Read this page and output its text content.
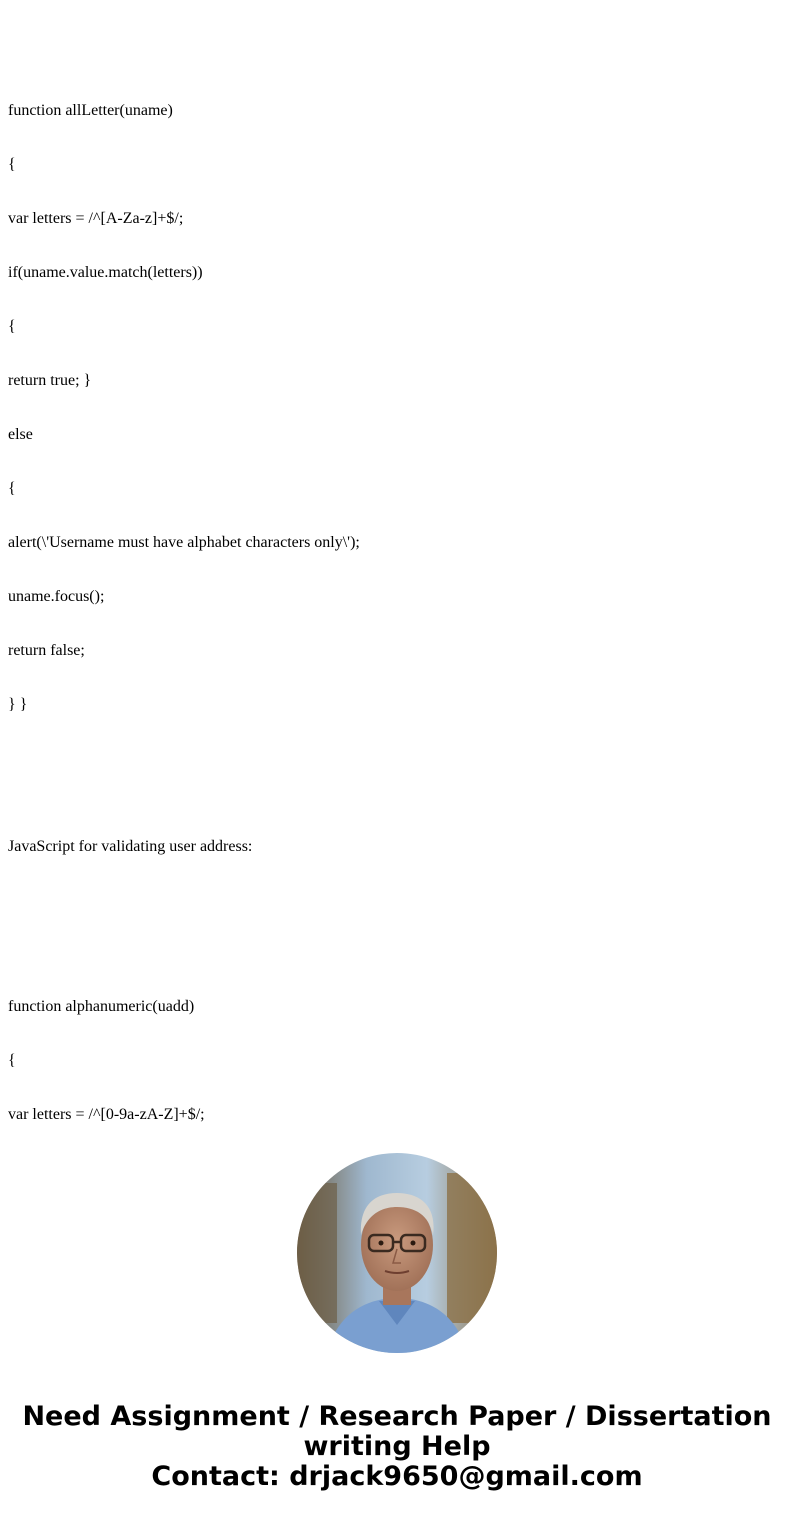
function allLetter(uname)

{

var letters = /^[A-Za-z]+$/;

if(uname.value.match(letters))

{

return true; }

else

{

alert(\'Username must have alphabet characters only\');

uname.focus();

return false;

} }

JavaScript for validating user address:

function alphanumeric(uadd)

{

var letters = /^[0-9a-zA-Z]+$/;

Need Assignment / Research Paper / Dissertation
writing Help
Contact: drjack9650@gmail.com
